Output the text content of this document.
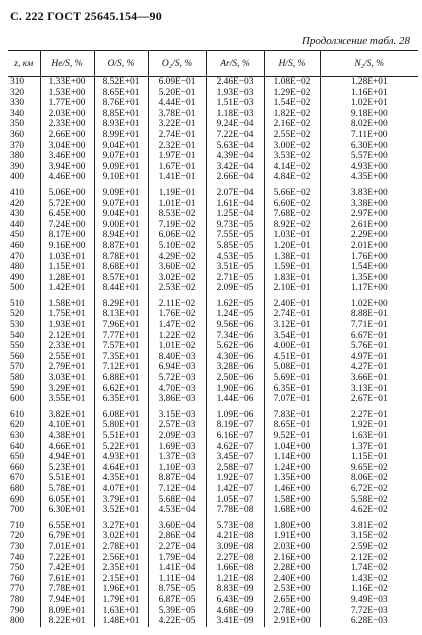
С. 222 ГОСТ 25645.154—90
Продолжение табл. 28
z, км	He/S, %	O/S, %	O₂/S, %	Ar/S, %	H/S, %	N₂/S, %
310	1.33E+00	8.52E+01	6.09E−01	2.46E−03	1.08E−02	1.28E+01
320	1.53E+00	8.65E+01	5.20E−01	1.93E−03	1.29E−02	1.16E+01
330	1.77E+00	8.76E+01	4.44E−01	1.51E−03	1.54E−02	1.02E+01
340	2.03E+00	8.85E+01	3.78E−01	1.18E−03	1.82E−02	9.18E+00
350	2.33E+00	8.93E+01	3.22E−01	9.24E−04	2.16E−02	8.02E+00
360	2.66E+00	8.99E+01	2.74E−01	7.22E−04	2.55E−02	7.11E+00
370	3.04E+00	9.04E+01	2.32E−01	5.63E−04	3.00E−02	6.30E+00
380	3.46E+00	9.07E+01	1.97E−01	4.39E−04	3.53E−02	5.57E+00
390	3.94E+00	9.09E+01	1.67E−01	3.42E−04	4.14E−02	4.93E+00
400	4.46E+00	9.10E+01	1.41E−01	2.66E−04	4.84E−02	4.35E+00

410	5.06E+00	9.09E+01	1.19E−01	2.07E−04	5.66E−02	3.83E+00
420	5.72E+00	9.07E+01	1.01E−01	1.61E−04	6.60E−02	3.38E+00
430	6.45E+00	9.04E+01	8.53E−02	1.25E−04	7.68E−02	2.97E+00
440	7.24E+00	9.00E+01	7.19E−02	9.73E−05	8.92E−02	2.61E+00
450	8.17E+00	8.94E+01	6.06E−02	7.55E−05	1.03E−01	2.29E+00
460	9.16E+00	8.87E+01	5.10E−02	5.85E−05	1.20E−01	2.01E+00
470	1.03E+01	8.78E+01	4.29E−02	4.53E−05	1.38E−01	1.76E+00
480	1.15E+01	8.68E+01	3.60E−02	3.51E−05	1.59E−01	1.54E+00
490	1.28E+01	8.57E+01	3.02E−02	2.71E−05	1.83E−01	1.35E+00
500	1.42E+01	8.44E+01	2.53E−02	2.09E−05	2.10E−01	1.17E+00

510	1.58E+01	8.29E+01	2.11E−02	1.62E−05	2.40E−01	1.02E+00
520	1.75E+01	8.13E+01	1.76E−02	1.24E−05	2.74E−01	8.88E−01
530	1.93E+01	7.96E+01	1.47E−02	9.56E−06	3.12E−01	7.71E−01
540	2.12E+01	7.77E+01	1.22E−02	7.34E−06	3.54E−01	6.67E−01
550	2.33E+01	7.57E+01	1.01E−02	5.62E−06	4.00E−01	5.76E−01
560	2.55E+01	7.35E+01	8.40E−03	4.30E−06	4.51E−01	4.97E−01
570	2.79E+01	7.12E+01	6.94E−03	3.28E−06	5.08E−01	4.27E−01
580	3.03E+01	6.88E+01	5.72E−03	2.50E−06	5.69E−01	3.66E−01
590	3.29E+01	6.62E+01	4.70E−03	1.90E−06	6.35E−01	3.13E−01
600	3.55E+01	6.35E+01	3.86E−03	1.44E−06	7.07E−01	2.67E−01

610	3.82E+01	6.08E+01	3.15E−03	1.09E−06	7.83E−01	2.27E−01
620	4.10E+01	5.80E+01	2.57E−03	8.19E−07	8.65E−01	1.92E−01
630	4.38E+01	5.51E+01	2.09E−03	6.16E−07	9.52E−01	1.63E−01
640	4.66E+01	5.22E+01	1.69E−03	4.62E−07	1.04E+00	1.37E−01
650	4.94E+01	4.93E+01	1.37E−03	3.45E−07	1.14E+00	1.15E−01
660	5.23E+01	4.64E+01	1.10E−03	2.58E−07	1.24E+00	9.65E−02
670	5.51E+01	4.35E+01	8.87E−04	1.92E−07	1.35E+00	8.06E−02
680	5.78E+01	4.07E+01	7.12E−04	1.42E−07	1.46E+00	6.72E−02
690	6.05E+01	3.79E+01	5.68E−04	1.05E−07	1.58E+00	5.58E−02
700	6.30E+01	3.52E+01	4.53E−04	7.78E−08	1.68E+00	4.62E−02

710	6.55E+01	3.27E+01	3.60E−04	5.73E−08	1.80E+00	3.81E−02
720	6.79E+01	3.02E+01	2.86E−04	4.21E−08	1.91E+00	3.15E−02
730	7.01E+01	2.78E+01	2.27E−04	3.09E−08	2.03E+00	2.59E−02
740	7.22E+01	2.56E+01	1.79E−04	2.27E−08	2.16E+00	2.12E−02
750	7.42E+01	2.35E+01	1.41E−04	1.66E−08	2.28E+00	1.74E−02
760	7.61E+01	2.15E+01	1.11E−04	1.21E−08	2.40E+00	1.43E−02
770	7.78E+01	1.96E+01	8.75E−05	8.83E−09	2.53E+00	1.16E−02
780	7.94E+01	1.79E+01	6.87E−05	6.43E−09	2.65E+00	9.49E−03
790	8.09E+01	1.63E+01	5.39E−05	4.68E−09	2.78E+00	7.72E−03
800	8.22E+01	1.48E+01	4.22E−05	3.41E−09	2.91E+00	6.28E−03
